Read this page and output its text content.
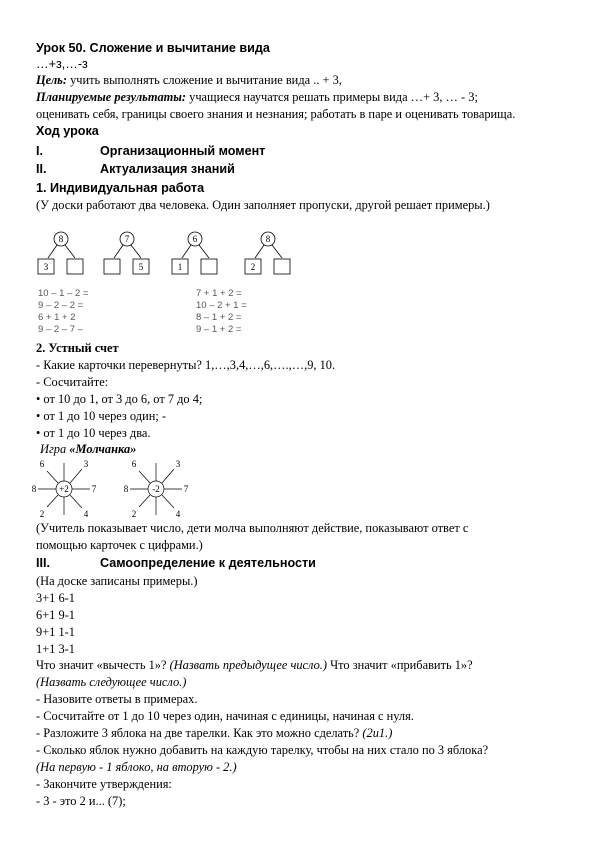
Урок 50. Сложение и вычитание вида
…+з,…-з
Цель: учить выполнять сложение и вычитание вида .. + 3,
Планируемые результаты: учащиеся научатся решать примеры вида …+ 3, … - 3;
оценивать себя, границы своего знания и незнания; работать в паре и оценивать товарища.
Ход урока
I.	Организационный момент
II.	Актуализация знаний
1. Индивидуальная работа
(У доски работают два человека. Один заполняет пропуски, другой решает примеры.)
8
3
7
5
6
1
8
2
10 – 1 – 2 =
9 – 2 – 2 =
6 + 1 + 2
9 – 2 – 7 –
7 + 1 + 2 =
10 – 2 + 1 =
8 – 1 + 2 =
9 – 1 + 2 =
2. Устный счет
- Какие карточки перевернуты? 1,…,3,4,…,6,….,…,9, 10.
- Сосчитайте:
• от 10 до 1, от 3 до 6, от 7 до 4;
• от 1 до 10 через один; -
• от 1 до 10 через два.
Игра «Молчанка»
+2
3
4
8	7
6
2
-2
3
4
8	7
6
2
(Учитель показывает число, дети молча выполняют действие, показывают ответ с
помощью карточек с цифрами.)
III.	Самоопределение к деятельности
(На доске записаны примеры.)
3+1 6-1
6+1 9-1
9+1 1-1
1+1 3-1
Что значит «вычесть 1»? (Назвать предыдущее число.) Что значит «прибавить 1»?
(Назвать следующее число.)
- Назовите ответы в примерах.
- Сосчитайте от 1 до 10 через один, начиная с единицы, начиная с нуля.
- Разложите 3 яблока на две тарелки. Как это можно сделать? (2и1.)
- Сколько яблок нужно добавить на каждую тарелку, чтобы на них стало по 3 яблока?
(На первую - 1 яблоко, на вторую - 2.)
- Закончите утверждения:
- 3 - это 2 и... (7);
